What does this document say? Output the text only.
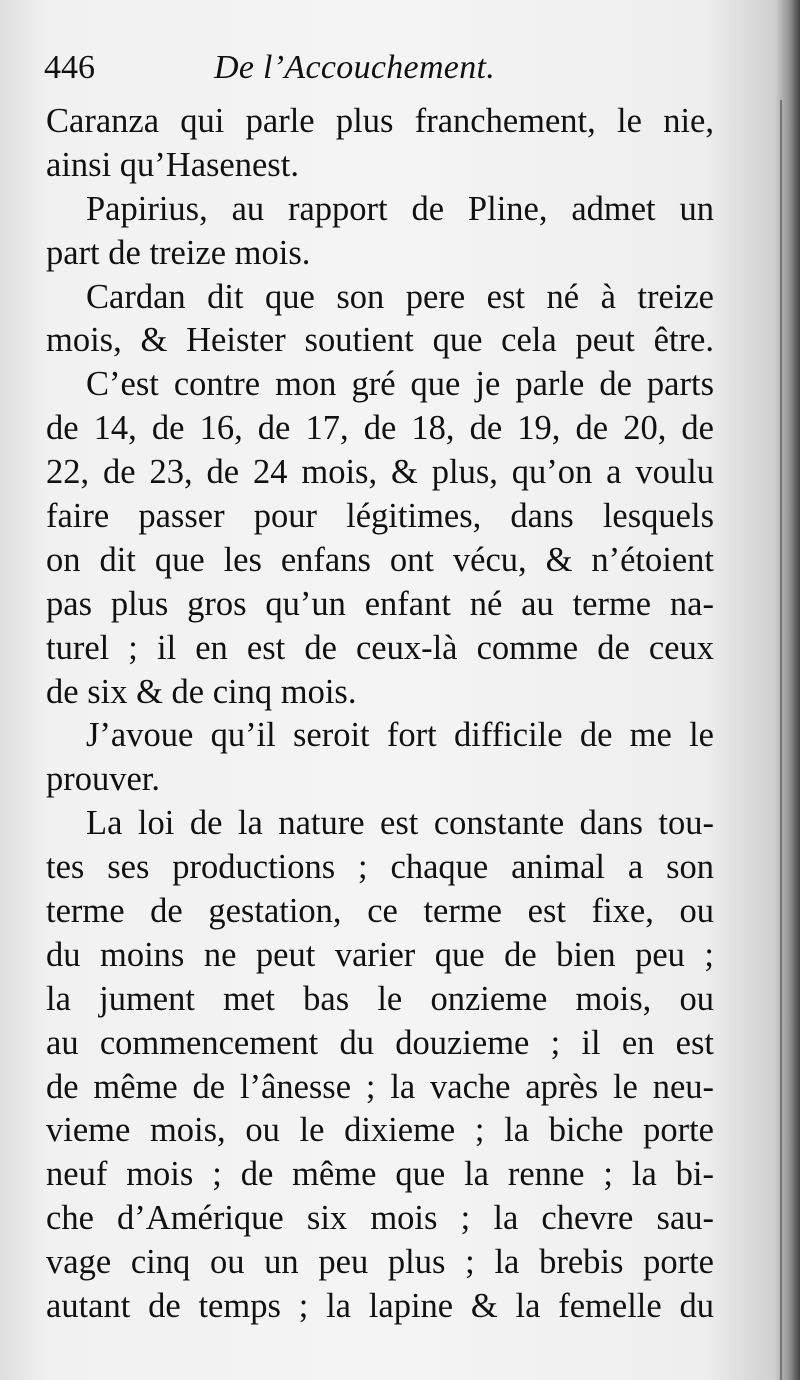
446	De l’Accouchement.
Caranza qui parle plus franchement, le nie,
ainsi qu’Hasenest.
Papirius, au rapport de Pline, admet un
part de treize mois.
Cardan dit que son pere est né à treize
mois, & Heister soutient que cela peut être.
C’est contre mon gré que je parle de parts
de 14, de 16, de 17, de 18, de 19, de 20, de
22, de 23, de 24 mois, & plus, qu’on a voulu
faire passer pour légitimes, dans lesquels
on dit que les enfans ont vécu, & n’étoient
pas plus gros qu’un enfant né au terme na-
turel ; il en est de ceux-là comme de ceux
de six & de cinq mois.
J’avoue qu’il seroit fort difficile de me le
prouver.
La loi de la nature est constante dans tou-
tes ses productions ; chaque animal a son
terme de gestation, ce terme est fixe, ou
du moins ne peut varier que de bien peu ;
la jument met bas le onzieme mois, ou
au commencement du douzieme ; il en est
de même de l’ânesse ; la vache après le neu-
vieme mois, ou le dixieme ; la biche porte
neuf mois ; de même que la renne ; la bi-
che d’Amérique six mois ; la chevre sau-
vage cinq ou un peu plus ; la brebis porte
autant de temps ; la lapine & la femelle du
